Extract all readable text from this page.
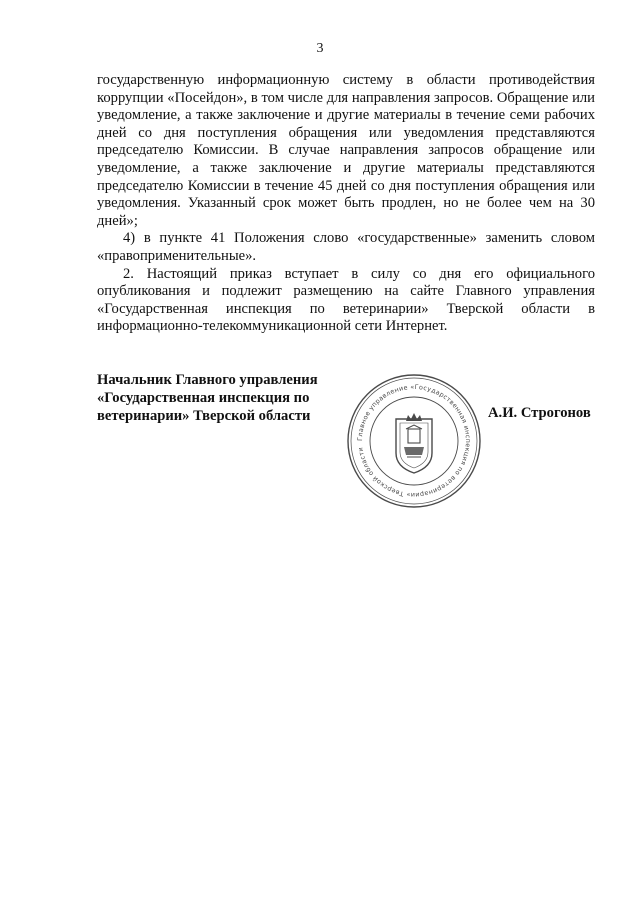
3

государственную информационную систему в области противодействия коррупции «Посейдон», в том числе для направления запросов. Обращение или уведомление, а также заключение и другие материалы в течение семи рабочих дней со дня поступления обращения или уведомления представляются председателю Комиссии. В случае направления запросов обращение или уведомление, а также заключение и другие материалы представляются председателю Комиссии в течение 45 дней со дня поступления обращения или уведомления. Указанный срок может быть продлен, но не более чем на 30 дней»;

4) в пункте 41 Положения слово «государственные» заменить словом «правоприменительные».

2. Настоящий приказ вступает в силу со дня его официального опубликования и подлежит размещению на сайте Главного управления «Государственная инспекция по ветеринарии» Тверской области в информационно-телекоммуникационной сети Интернет.

Начальник Главного управления
«Государственная инспекция по
ветеринарии» Тверской области
Главное управление «Государственная инспекция по ветеринарии» Тверской области
А.И. Строгонов
